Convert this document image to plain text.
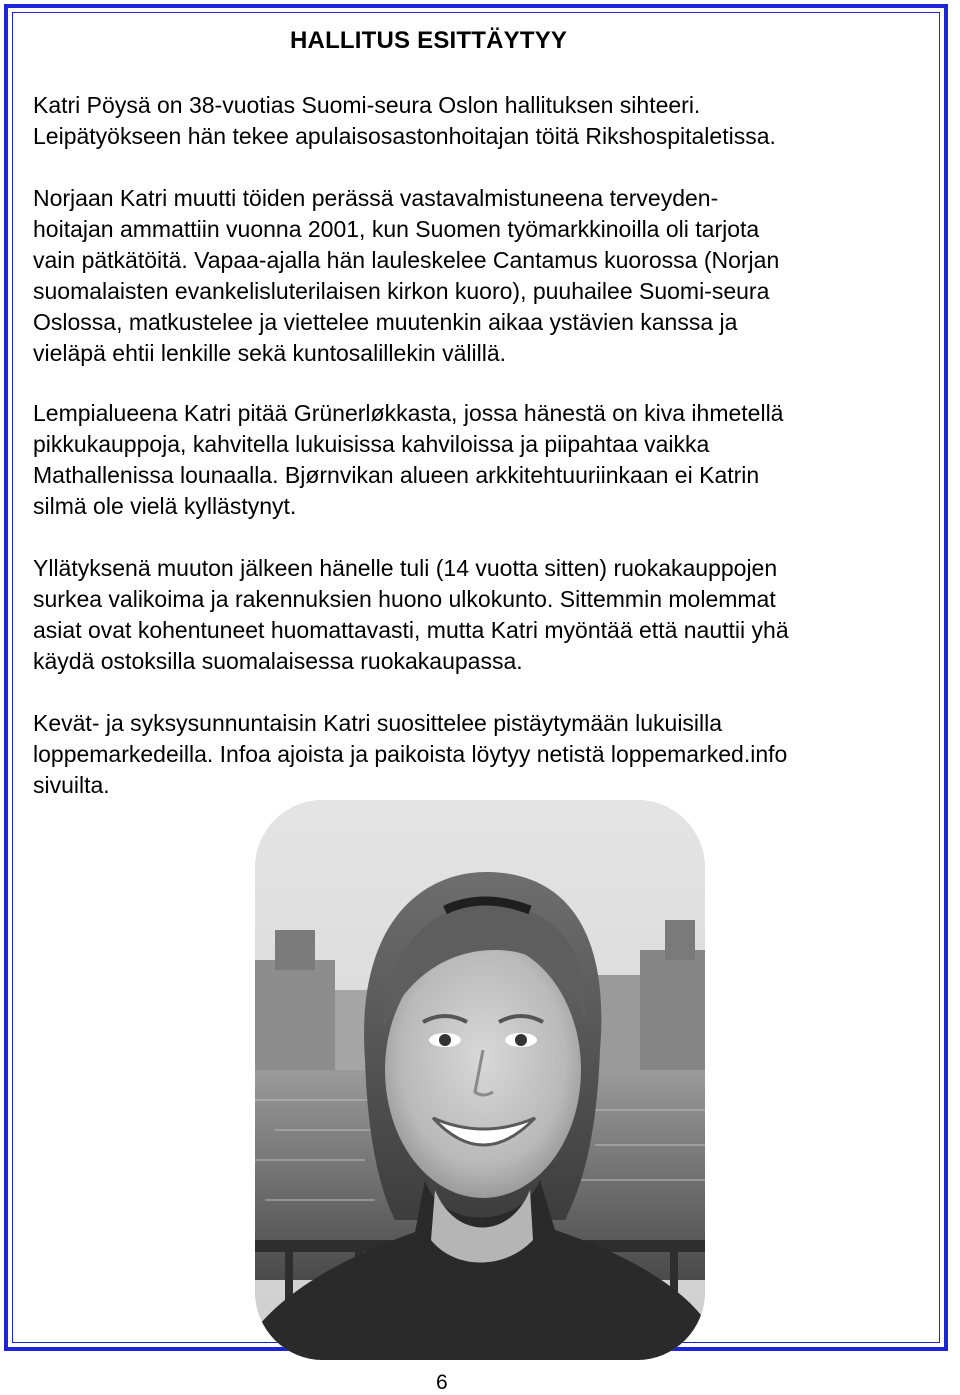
HALLITUS ESITTÄYTYY

Katri Pöysä on 38-vuotias Suomi-seura Oslon hallituksen sihteeri.
Leipätyökseen hän tekee apulaisosastonhoitajan töitä Rikshospitaletissa.

Norjaan Katri muutti töiden perässä vastavalmistuneena terveyden-
hoitajan ammattiin vuonna 2001, kun Suomen työmarkkinoilla oli tarjota
vain pätkätöitä. Vapaa-ajalla hän lauleskelee Cantamus kuorossa (Norjan
suomalaisten evankelisluterilaisen kirkon kuoro), puuhailee Suomi-seura
Oslossa, matkustelee ja viettelee muutenkin aikaa ystävien kanssa ja
vieläpä ehtii lenkille sekä kuntosalillekin välillä.

Lempialueena Katri pitää Grünerløkkasta, jossa hänestä on kiva ihmetellä
pikkukauppoja, kahvitella lukuisissa kahviloissa ja piipahtaa vaikka
Mathallenissa lounaalla. Bjørnvikan alueen arkkitehtuuriinkaan ei Katrin
silmä ole vielä kyllästynyt.

Yllätyksenä muuton jälkeen hänelle tuli (14 vuotta sitten) ruokakauppojen
surkea valikoima ja rakennuksien huono ulkokunto. Sittemmin molemmat
asiat ovat kohentuneet huomattavasti, mutta Katri myöntää että nauttii yhä
käydä ostoksilla suomalaisessa ruokakaupassa.

Kevät- ja syksysunnuntaisin Katri suosittelee pistäytymään lukuisilla
loppemarkedeilla. Infoa ajoista ja paikoista löytyy netistä loppemarked.info
sivuilta.

6
